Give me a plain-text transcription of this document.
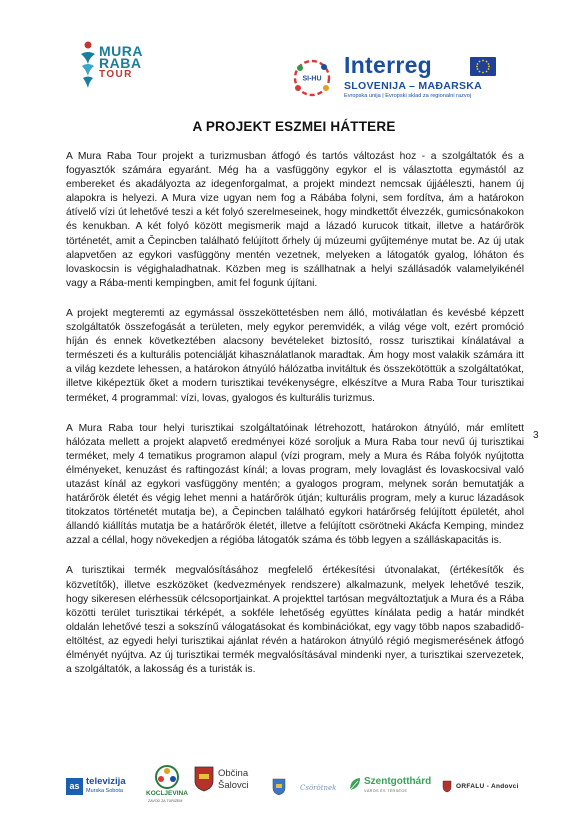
MURA
RABA
TOUR	SI-HU
Interreg
SLOVENIJA – MAĐARSKA
Evropska unija | Evropski sklad za regionalni razvoj
A PROJEKT ESZMEI HÁTTERE

A Mura Raba Tour projekt a turizmusban átfogó és tartós változást hoz - a szolgáltatók és a fogyasztók számára egyaránt. Még ha a vasfüggöny egykor el is választotta egymástól az embereket és akadályozta az idegenforgalmat, a projekt mindezt nemcsak újjáéleszti, hanem új alapokra is helyezi. A Mura vize ugyan nem fog a Rábába folyni, sem fordítva, ám a határokon átívelő vízi út lehetővé teszi a két folyó szerelmeseinek, hogy mindkettőt élvezzék, gumicsónakokon és kenukban. A két folyó között megismerik majd a lázadó kurucok titkait, illetve a határőrök történetét, amit a Čepincben található felújított őrhely új múzeumi gyűjteménye mutat be. Az új utak alapvetően az egykori vasfüggöny mentén vezetnek, melyeken a látogatók gyalog, lóháton és lovaskocsin is végighaladhatnak. Közben meg is szállhatnak a helyi szállásadók valamelyikénél vagy a Rába-menti kempingben, amit fel fogunk újítani.

A projekt megteremti az egymással összeköttetésben nem álló, motiválatlan és kevésbé képzett szolgáltatók összefogását a területen, mely egykor peremvidék, a világ vége volt, ezért promóció híján és ennek következtében alacsony bevételeket biztosító, rossz turisztikai kínálatával a természeti és a kulturális potenciálját kihasználatlanok maradtak. Ám hogy most valakik számára itt a világ kezdete lehessen, a határokon átnyúló hálózatba invitáltuk és összekötöttük a szolgáltatókat, illetve kiképeztük őket a modern turisztikai tevékenységre, elkészítve a Mura Raba Tour turisztikai terméket, 4 programmal: vízi, lovas, gyalogos és kulturális turizmus.

A Mura Raba tour helyi turisztikai szolgáltatóinak létrehozott, határokon átnyúló, már említett hálózata mellett a projekt alapvető eredményei közé soroljuk a Mura Raba tour nevű új turisztikai terméket, mely 4 tematikus programon alapul (vízi program, mely a Mura és Rába folyók nyújtotta élményeket, kenuzást és raftingozást kínál; a lovas program, mely lovaglást és lovaskocsival való utazást kínál az egykori vasfüggöny mentén; a gyalogos program, melynek során bemutatják a határőrök életét és végig lehet menni a határőrök útján; kulturális program, mely a kuruc lázadások titokzatos történetét mutatja be), a Čepincben található egykori határőrség felújított épületét, ahol állandó kiállítás mutatja be a határőrök életét, illetve a felújított csörötneki Akácfa Kemping, mindez azzal a céllal, hogy növekedjen a régióba látogatók száma és több legyen a szálláskapacitás is.

A turisztikai termék megvalósításához megfelelő értékesítési útvonalakat, (értékesítők és közvetítők), illetve eszközöket (kedvezmények rendszere) alkalmazunk, melyek lehetővé teszik, hogy sikeresen elérhessük célcsoportjainkat. A projekttel tartósan megváltoztatjuk a Mura és a Rába közötti terület turisztikai térképét, a sokféle lehetőség együttes kínálata pedig a határ mindkét oldalán lehetővé teszi a sokszínű válogatásokat és kombinációkat, egy vagy több napos szabadidő-eltöltést, az egyedi helyi turisztikai ajánlat révén a határokon átnyúló régió megismerésének átfogó élményét nyújtva. Az új turisztikai termék megvalósításával mindenki nyer, a turisztikai szervezetek, a szolgáltatók, a lakosság és a turisták is.

3
as televizija
Murska Sobota	KOCLJEVINA
ZAVOD ZA TURIZEM
Občina
Šalovci	Csörötnek
Szentgotthárd
VÁROS ÉS TÉRSÉGE
ORFALU - Andovci
